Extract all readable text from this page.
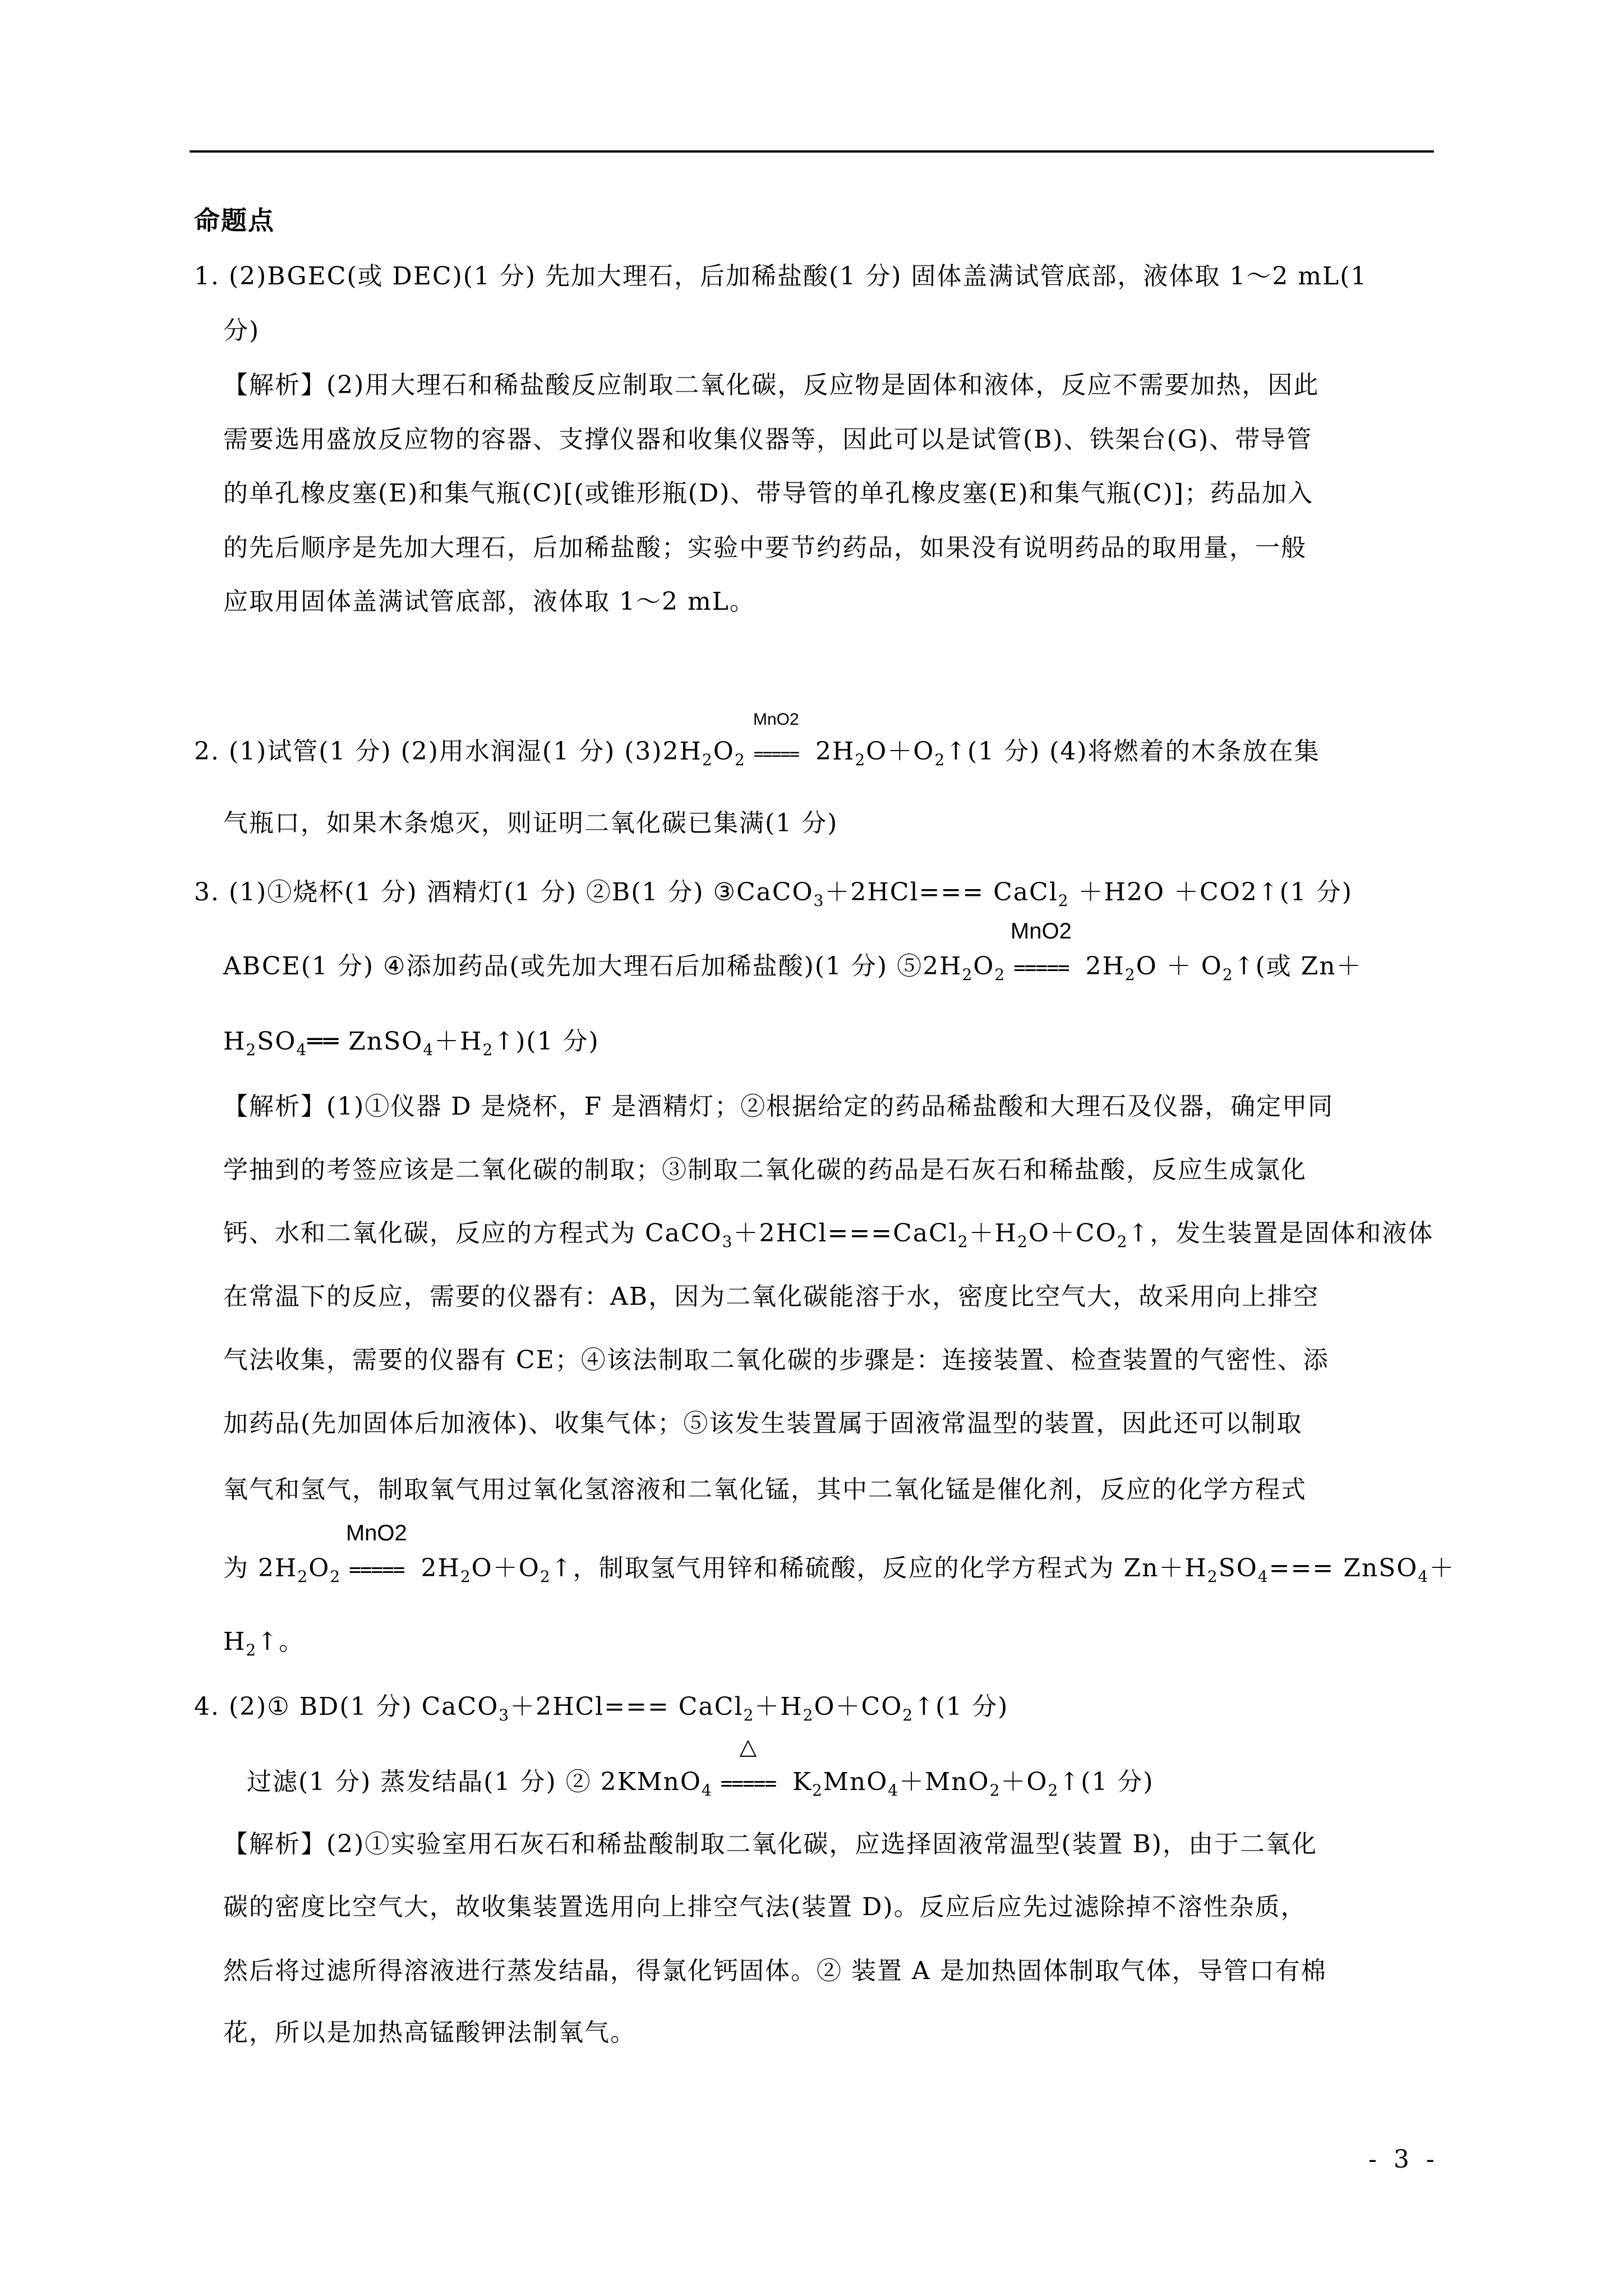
命题点
1. (2)BGEC(或 DEC)(1 分) 先加大理石，后加稀盐酸(1 分) 固体盖满试管底部，液体取 1～2 mL(1
分)
【解析】(2)用大理石和稀盐酸反应制取二氧化碳，反应物是固体和液体，反应不需要加热，因此
需要选用盛放反应物的容器、支撑仪器和收集仪器等，因此可以是试管(B)、铁架台(G)、带导管
的单孔橡皮塞(E)和集气瓶(C)[(或锥形瓶(D)、带导管的单孔橡皮塞(E)和集气瓶(C)]；药品加入
的先后顺序是先加大理石，后加稀盐酸；实验中要节约药品，如果没有说明药品的取用量，一般
应取用固体盖满试管底部，液体取 1～2 mL。
2. (1)试管(1 分) (2)用水润湿(1 分) $(3)2H_2O_2$
MnO2
===== $2H_2O+O_2↑(1$ 分) (4)将燃着的木条放在集
气瓶口，如果木条熄灭，则证明二氧化碳已集满(1 分)
3. (1)①烧杯(1 分) 酒精灯(1 分) ②B(1 分) ③CaCO$_3$＋2HCl=== CaCl$_2$ ＋H2O ＋CO2↑(1 分)
ABCE(1 分) ④添加药品(或先加大理石后加稀盐酸)(1 分) $⑤2H_2O_2$
MnO2
===== $2H_2O$ ＋ $O_2↑$(或 Zn＋
$H_2SO_4══$ $ZnSO_4+H_2↑)(1$ 分)
【解析】(1)①仪器 D 是烧杯，F 是酒精灯；②根据给定的药品稀盐酸和大理石及仪器，确定甲同
学抽到的考签应该是二氧化碳的制取；③制取二氧化碳的药品是石灰石和稀盐酸，反应生成氯化
钙、水和二氧化碳，反应的方程式为 $CaCO_3+2HCl===CaCl_2+H_2O+CO_2↑$，发生装置是固体和液体
在常温下的反应，需要的仪器有：AB，因为二氧化碳能溶于水，密度比空气大，故采用向上排空
气法收集，需要的仪器有 CE；④该法制取二氧化碳的步骤是：连接装置、检查装置的气密性、添
加药品(先加固体后加液体)、收集气体；⑤该发生装置属于固液常温型的装置，因此还可以制取
氧气和氢气，制取氧气用过氧化氢溶液和二氧化锰，其中二氧化锰是催化剂，反应的化学方程式
为 $2H_2O_2$
MnO2
===== $2H_2O+O_2↑$，制取氢气用锌和稀硫酸，反应的化学方程式为 $Zn+H_2SO_4===$ ZnSO$_4$＋
$H_2↑$。
4. (2)① BD(1 分) CaCO$_3$＋2HCl=== $CaCl_2+H_2O+CO_2↑(1$ 分)
过滤(1 分) 蒸发结晶(1 分) ② 2KMnO$_4$
△
===== $K_2MnO_4+MnO_2+O_2↑(1$ 分)
【解析】(2)①实验室用石灰石和稀盐酸制取二氧化碳，应选择固液常温型(装置 B)，由于二氧化
碳的密度比空气大，故收集装置选用向上排空气法(装置 D)。反应后应先过滤除掉不溶性杂质，
然后将过滤所得溶液进行蒸发结晶，得氯化钙固体。② 装置 A 是加热固体制取气体，导管口有棉
花，所以是加热高锰酸钾法制氧气。
- 3 -
